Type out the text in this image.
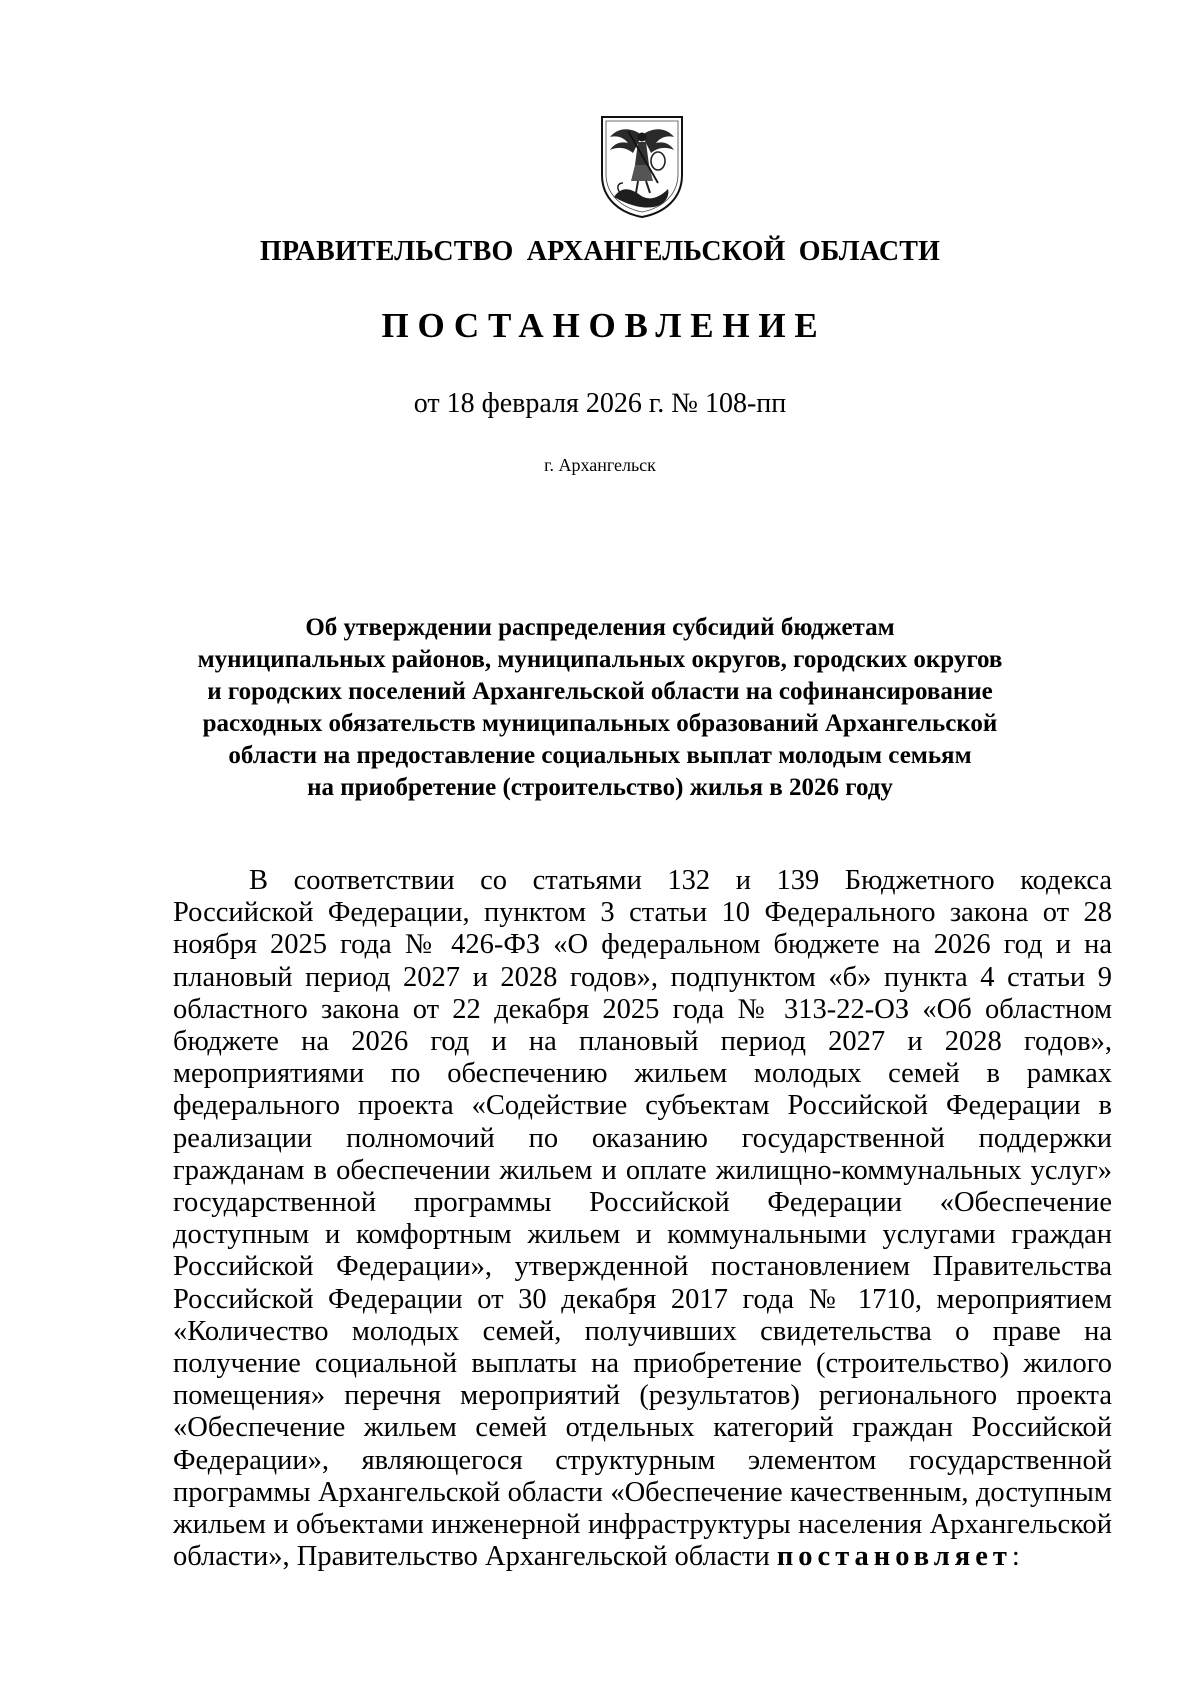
ПРАВИТЕЛЬСТВО АРХАНГЕЛЬСКОЙ ОБЛАСТИ
ПОСТАНОВЛЕНИЕ
от 18 февраля 2026 г. № 108-пп
г. Архангельск
Об утверждении распределения субсидий бюджетам
муниципальных районов, муниципальных округов, городских округов
и городских поселений Архангельской области на софинансирование
расходных обязательств муниципальных образований Архангельской
области на предоставление социальных выплат молодым семьям
на приобретение (строительство) жилья в 2026 году

В соответствии со статьями 132 и 139 Бюджетного кодекса Российской Федерации, пунктом 3 статьи 10 Федерального закона от 28 ноября 2025 года № 426-ФЗ «О федеральном бюджете на 2026 год и на плановый период 2027 и 2028 годов», подпунктом «б» пункта 4 статьи 9 областного закона от 22 декабря 2025 года № 313-22-ОЗ «Об областном бюджете на 2026 год и на плановый период 2027 и 2028 годов», мероприятиями по обеспечению жильем молодых семей в рамках федерального проекта «Содействие субъектам Российской Федерации в реализации полномочий по оказанию государственной поддержки гражданам в обеспечении жильем и оплате жилищно-коммунальных услуг» государственной программы Российской Федерации «Обеспечение доступным и комфортным жильем и коммунальными услугами граждан Российской Федерации», утвержденной постановлением Правительства Российской Федерации от 30 декабря 2017 года № 1710, мероприятием «Количество молодых семей, получивших свидетельства о праве на получение социальной выплаты на приобретение (строительство) жилого помещения» перечня мероприятий (результатов) регионального проекта «Обеспечение жильем семей отдельных категорий граждан Российской Федерации», являющегося структурным элементом государственной программы Архангельской области «Обеспечение качественным, доступным жильем и объектами инженерной инфраструктуры населения Архангельской области», Правительство Архангельской области постановляет:
